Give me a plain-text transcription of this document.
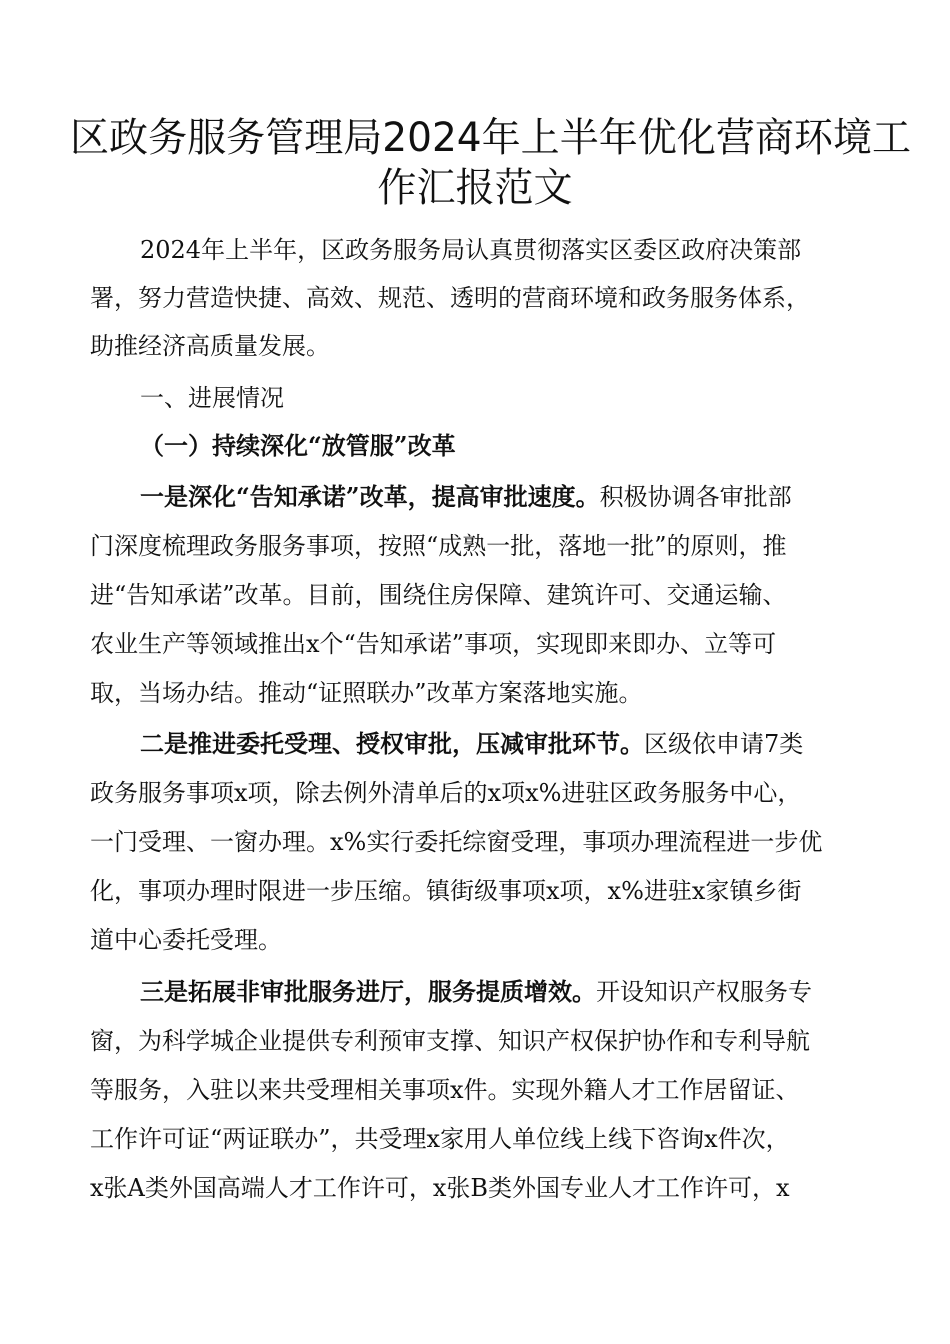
区政务服务管理局2024年上半年优化营商环境工
作汇报范文

2024年上半年，区政务服务局认真贯彻落实区委区政府决策部

署，努力营造快捷、高效、规范、透明的营商环境和政务服务体系，

助推经济高质量发展。

一、进展情况

（一）持续深化“放管服”改革

一是深化“告知承诺”改革，提高审批速度。积极协调各审批部

门深度梳理政务服务事项，按照“成熟一批，落地一批”的原则，推

进“告知承诺”改革。目前，围绕住房保障、建筑许可、交通运输、

农业生产等领域推出x个“告知承诺”事项，实现即来即办、立等可

取，当场办结。推动“证照联办”改革方案落地实施。

二是推进委托受理、授权审批，压减审批环节。区级依申请7类

政务服务事项x项，除去例外清单后的x项x%进驻区政务服务中心，

一门受理、一窗办理。x%实行委托综窗受理，事项办理流程进一步优

化，事项办理时限进一步压缩。镇街级事项x项，x%进驻x家镇乡街

道中心委托受理。

三是拓展非审批服务进厅，服务提质增效。开设知识产权服务专

窗，为科学城企业提供专利预审支撑、知识产权保护协作和专利导航

等服务，入驻以来共受理相关事项x件。实现外籍人才工作居留证、

工作许可证“两证联办”，共受理x家用人单位线上线下咨询x件次，

x张A类外国高端人才工作许可，x张B类外国专业人才工作许可，x
